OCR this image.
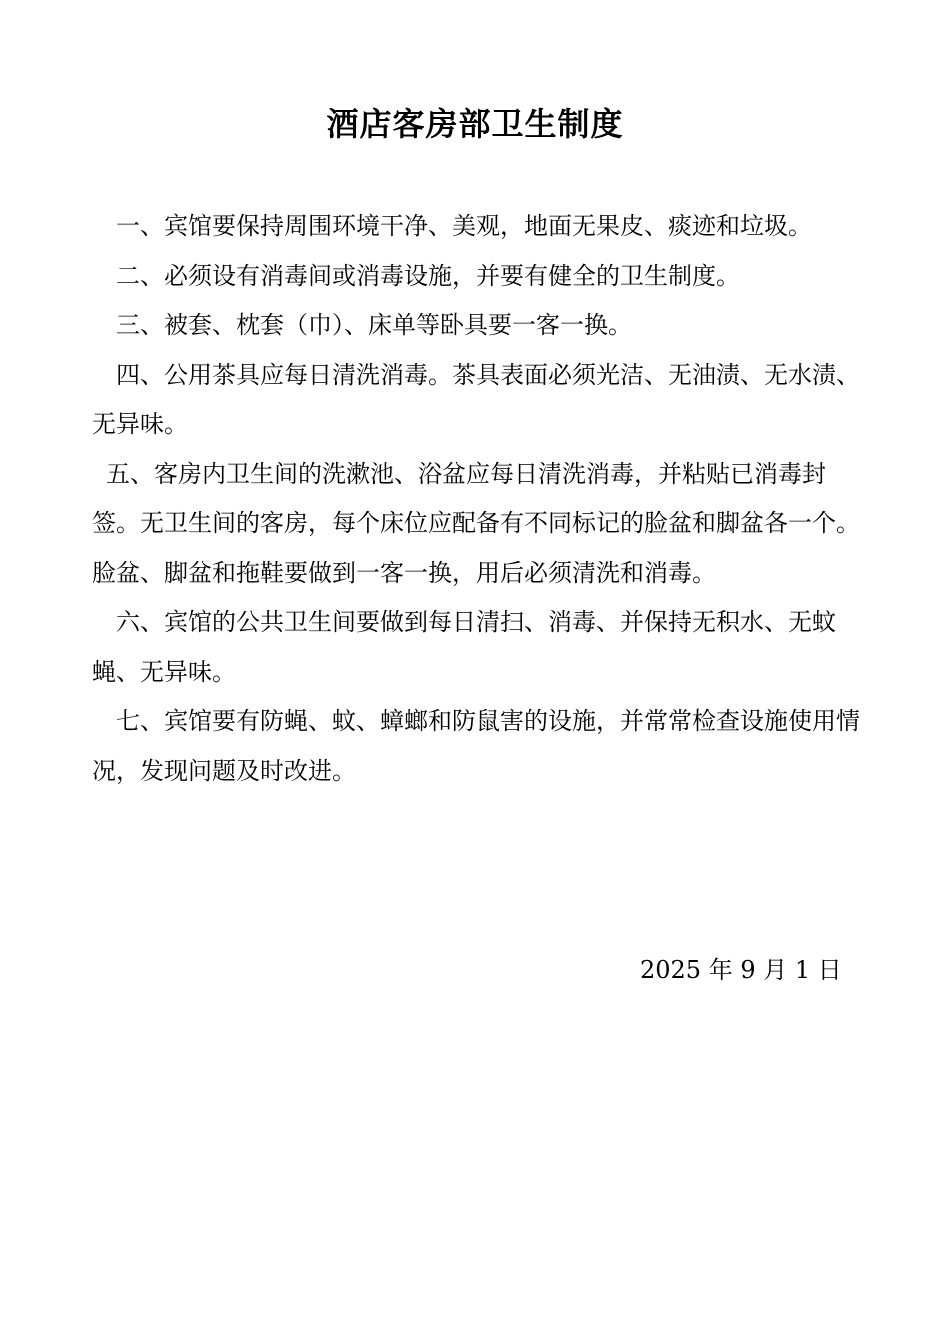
酒店客房部卫生制度

一、宾馆要保持周围环境干净、美观，地面无果皮、痰迹和垃圾。

二、必须设有消毒间或消毒设施，并要有健全的卫生制度。

三、被套、枕套（巾）、床单等卧具要一客一换。

四、公用茶具应每日清洗消毒。茶具表面必须光洁、无油渍、无水渍、无异味。

五、客房内卫生间的洗漱池、浴盆应每日清洗消毒，并粘贴已消毒封签。无卫生间的客房，每个床位应配备有不同标记的脸盆和脚盆各一个。脸盆、脚盆和拖鞋要做到一客一换，用后必须清洗和消毒。

六、宾馆的公共卫生间要做到每日清扫、消毒、并保持无积水、无蚊蝇、无异味。

七、宾馆要有防蝇、蚊、蟑螂和防鼠害的设施，并常常检查设施使用情况，发现问题及时改进。

2025 年 9 月 1 日
